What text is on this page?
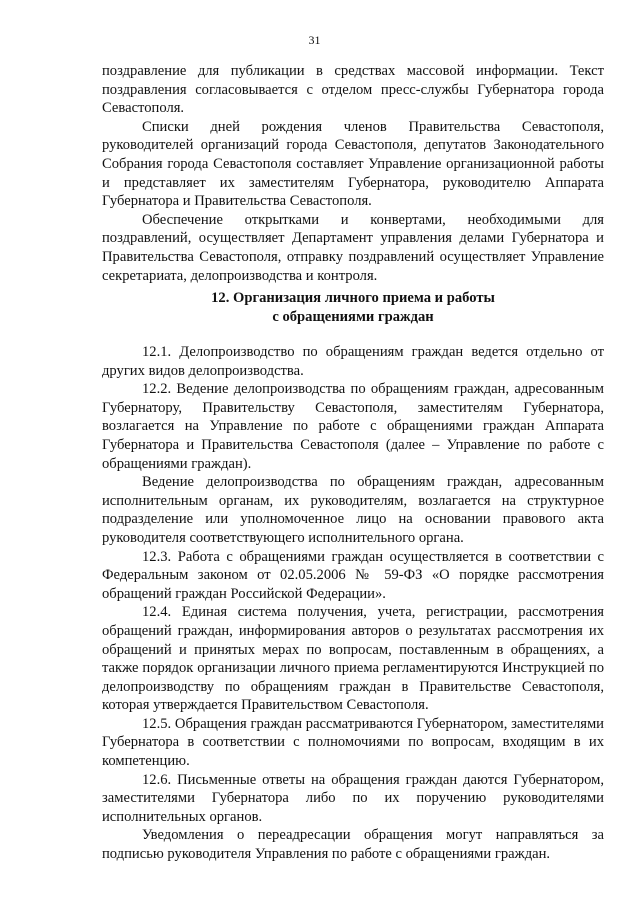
31

поздравление для публикации в средствах массовой информации. Текст поздравления согласовывается с отделом пресс-службы Губернатора города Севастополя.

Списки дней рождения членов Правительства Севастополя, руководителей организаций города Севастополя, депутатов Законодательного Собрания города Севастополя составляет Управление организационной работы и представляет их заместителям Губернатора, руководителю Аппарата Губернатора и Правительства Севастополя.

Обеспечение открытками и конвертами, необходимыми для поздравлений, осуществляет Департамент управления делами Губернатора и Правительства Севастополя, отправку поздравлений осуществляет Управление секретариата, делопроизводства и контроля.

12. Организация личного приема и работы
с обращениями граждан

12.1. Делопроизводство по обращениям граждан ведется отдельно от других видов делопроизводства.

12.2. Ведение делопроизводства по обращениям граждан, адресованным Губернатору, Правительству Севастополя, заместителям Губернатора, возлагается на Управление по работе с обращениями граждан Аппарата Губернатора и Правительства Севастополя (далее – Управление по работе с обращениями граждан).

Ведение делопроизводства по обращениям граждан, адресованным исполнительным органам, их руководителям, возлагается на структурное подразделение или уполномоченное лицо на основании правового акта руководителя соответствующего исполнительного органа.

12.3. Работа с обращениями граждан осуществляется в соответствии с Федеральным законом от 02.05.2006 № 59-ФЗ «О порядке рассмотрения обращений граждан Российской Федерации».

12.4. Единая система получения, учета, регистрации, рассмотрения обращений граждан, информирования авторов о результатах рассмотрения их обращений и принятых мерах по вопросам, поставленным в обращениях, а также порядок организации личного приема регламентируются Инструкцией по делопроизводству по обращениям граждан в Правительстве Севастополя, которая утверждается Правительством Севастополя.

12.5. Обращения граждан рассматриваются Губернатором, заместителями Губернатора в соответствии с полномочиями по вопросам, входящим в их компетенцию.

12.6. Письменные ответы на обращения граждан даются Губернатором, заместителями Губернатора либо по их поручению руководителями исполнительных органов.

Уведомления о переадресации обращения могут направляться за подписью руководителя Управления по работе с обращениями граждан.
